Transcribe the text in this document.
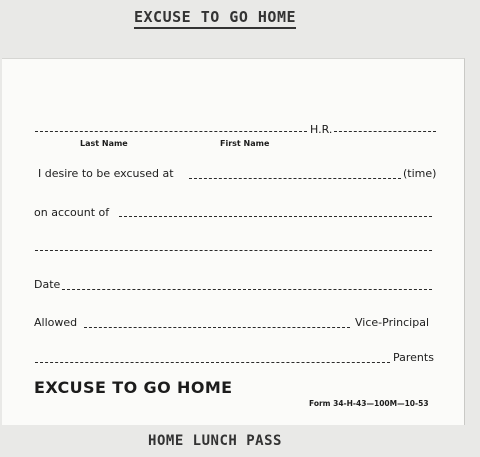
EXCUSE TO GO HOME
H.R.
Last Name	First Name
I desire to be excused at	(time)
on account of
Date
Allowed	Vice-Principal
Parents
EXCUSE TO GO HOME
Form 34-H-43—100M—10-53
HOME LUNCH PASS
